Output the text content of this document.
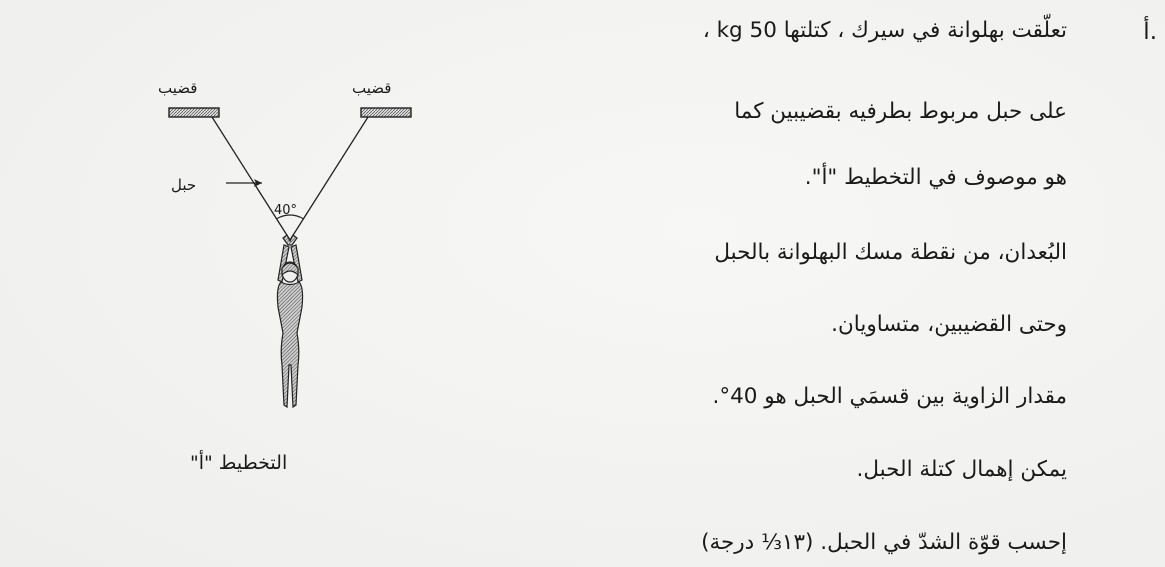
أ.
تعلّقت بهلوانة في سيرك ، كتلتها 50 kg ،
على حبل مربوط بطرفيه بقضيبين كما
هو موصوف في التخطيط "أ".
البُعدان، من نقطة مسك البهلوانة بالحبل
وحتى القضيبين، متساويان.
مقدار الزاوية بين قسمَي الحبل هو 40°.
يمكن إهمال كتلة الحبل.
إحسب قوّة الشدّ في الحبل. (١٣⅓ درجة)
قضيب	قضيب
حبل
40°
التخطيط "أ"
